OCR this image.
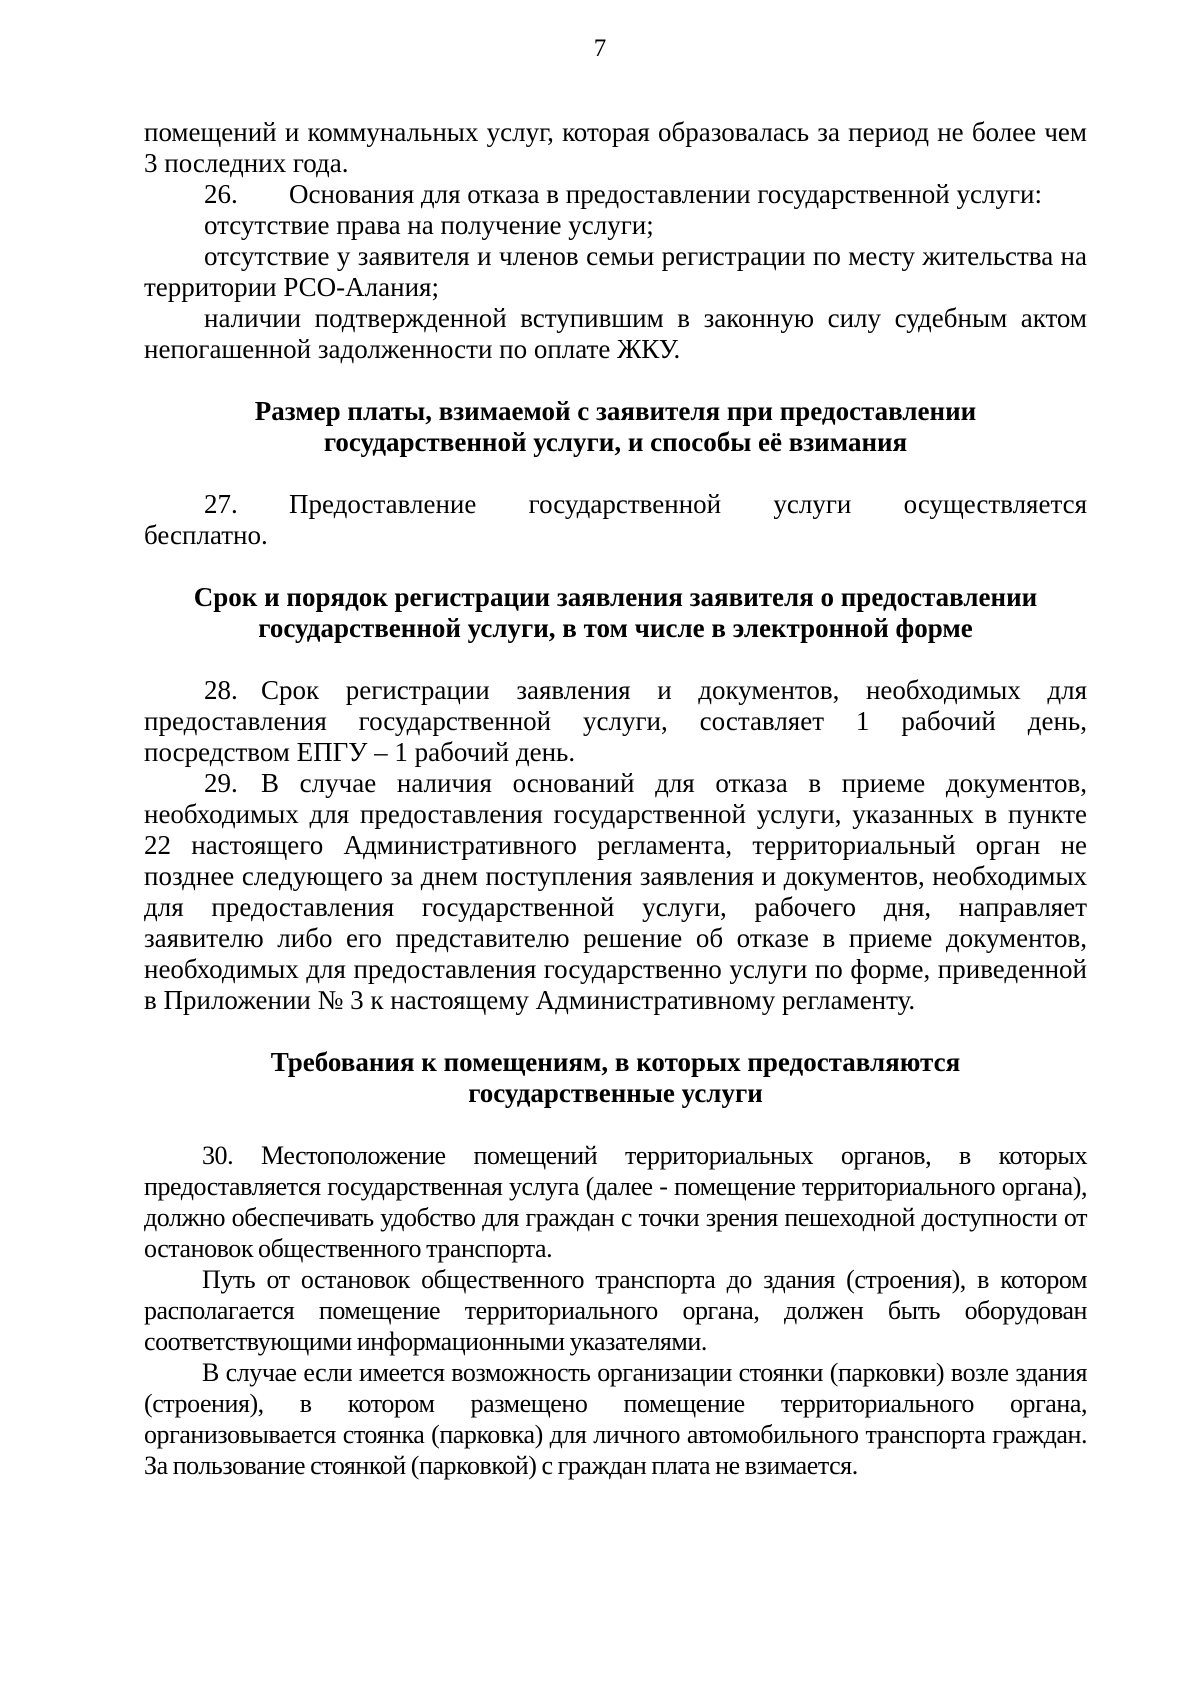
7

помещений и коммунальных услуг, которая образовалась за период не более чем 3 последних года.

26. Основания для отказа в предоставлении государственной услуги:

отсутствие права на получение услуги;

отсутствие у заявителя и членов семьи регистрации по месту жительства на территории РСО-Алания;

наличии подтвержденной вступившим в законную силу судебным актом непогашенной задолженности по оплате ЖКУ.

Размер платы, взимаемой с заявителя при предоставлении
государственной услуги, и способы её взимания

27. Предоставление государственной услуги осуществляется бесплатно.

Срок и порядок регистрации заявления заявителя о предоставлении
государственной услуги, в том числе в электронной форме

28. Срок регистрации заявления и документов, необходимых для предоставления государственной услуги, составляет 1 рабочий день, посредством ЕПГУ – 1 рабочий день.

29. В случае наличия оснований для отказа в приеме документов, необходимых для предоставления государственной услуги, указанных в пункте 22 настоящего Административного регламента, территориальный орган не позднее следующего за днем поступления заявления и документов, необходимых для предоставления государственной услуги, рабочего дня, направляет заявителю либо его представителю решение об отказе в приеме документов, необходимых для предоставления государственно услуги по форме, приведенной в Приложении № 3 к настоящему Административному регламенту.

Требования к помещениям, в которых предоставляются
государственные услуги

30. Местоположение помещений территориальных органов, в которых предоставляется государственная услуга (далее - помещение территориального органа), должно обеспечивать удобство для граждан с точки зрения пешеходной доступности от остановок общественного транспорта.

Путь от остановок общественного транспорта до здания (строения), в котором располагается помещение территориального органа, должен быть оборудован соответствующими информационными указателями.

В случае если имеется возможность организации стоянки (парковки) возле здания (строения), в котором размещено помещение территориального органа, организовывается стоянка (парковка) для личного автомобильного транспорта граждан. За пользование стоянкой (парковкой) с граждан плата не взимается.
